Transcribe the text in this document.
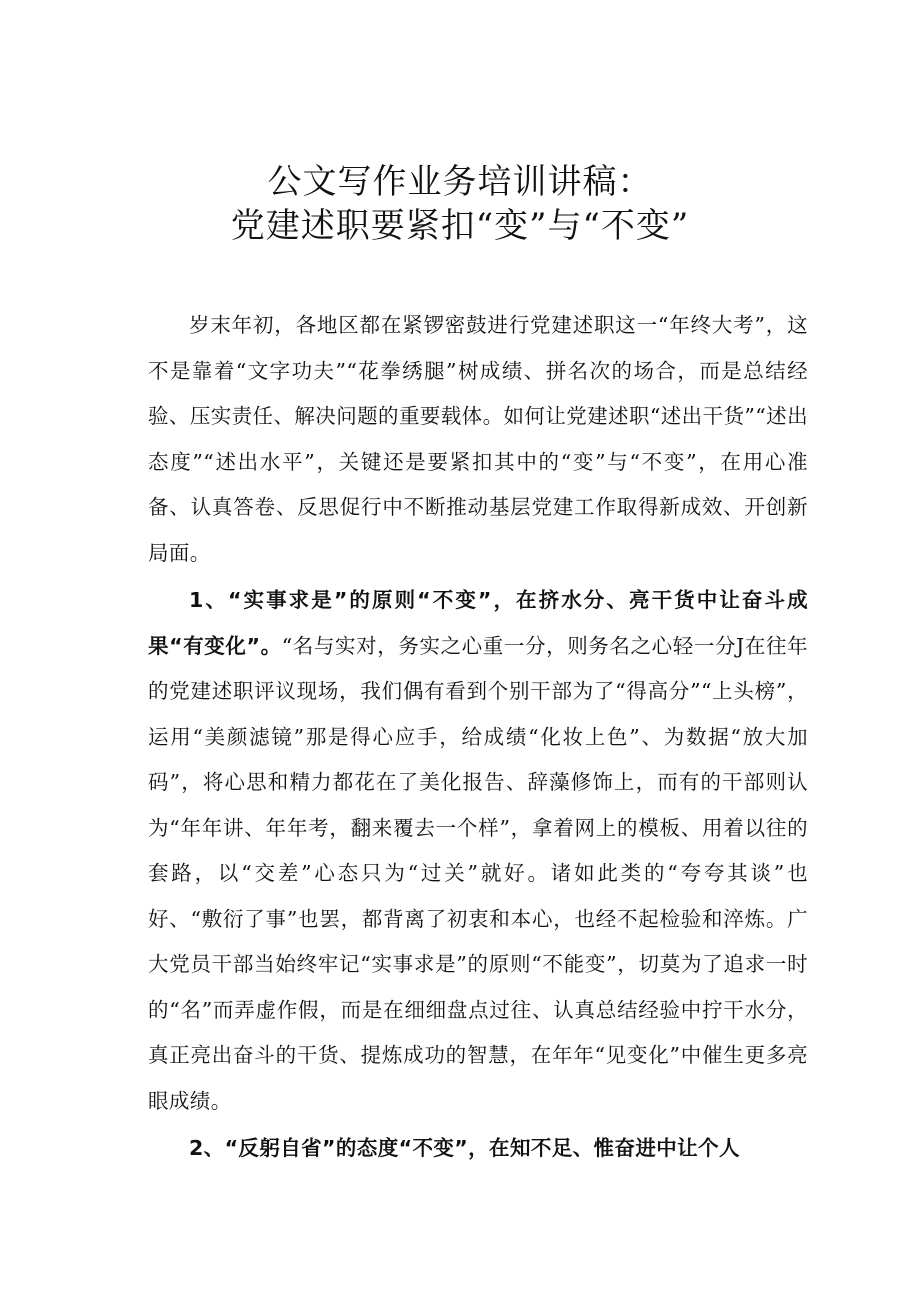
公文写作业务培训讲稿：
党建述职要紧扣“变”与“不变”

岁末年初，各地区都在紧锣密鼓进行党建述职这一“年终大考”，这不是靠着“文字功夫”“花拳绣腿”树成绩、拼名次的场合，而是总结经验、压实责任、解决问题的重要载体。如何让党建述职“述出干货”“述出态度”“述出水平”，关键还是要紧扣其中的“变”与“不变”，在用心准备、认真答卷、反思促行中不断推动基层党建工作取得新成效、开创新局面。

1、“实事求是”的原则“不变”，在挤水分、亮干货中让奋斗成果“有变化”。“名与实对，务实之心重一分，则务名之心轻一分J在往年的党建述职评议现场，我们偶有看到个别干部为了“得高分”“上头榜”，运用“美颜滤镜”那是得心应手，给成绩“化妆上色”、为数据“放大加码”，将心思和精力都花在了美化报告、辞藻修饰上，而有的干部则认为“年年讲、年年考，翻来覆去一个样”，拿着网上的模板、用着以往的套路，以“交差”心态只为“过关”就好。诸如此类的“夸夸其谈”也好、“敷衍了事”也罢，都背离了初衷和本心，也经不起检验和淬炼。广大党员干部当始终牢记“实事求是”的原则“不能变”，切莫为了追求一时的“名”而弄虚作假，而是在细细盘点过往、认真总结经验中拧干水分，真正亮出奋斗的干货、提炼成功的智慧，在年年“见变化”中催生更多亮眼成绩。

2、“反躬自省”的态度“不变”，在知不足、惟奋进中让个人
